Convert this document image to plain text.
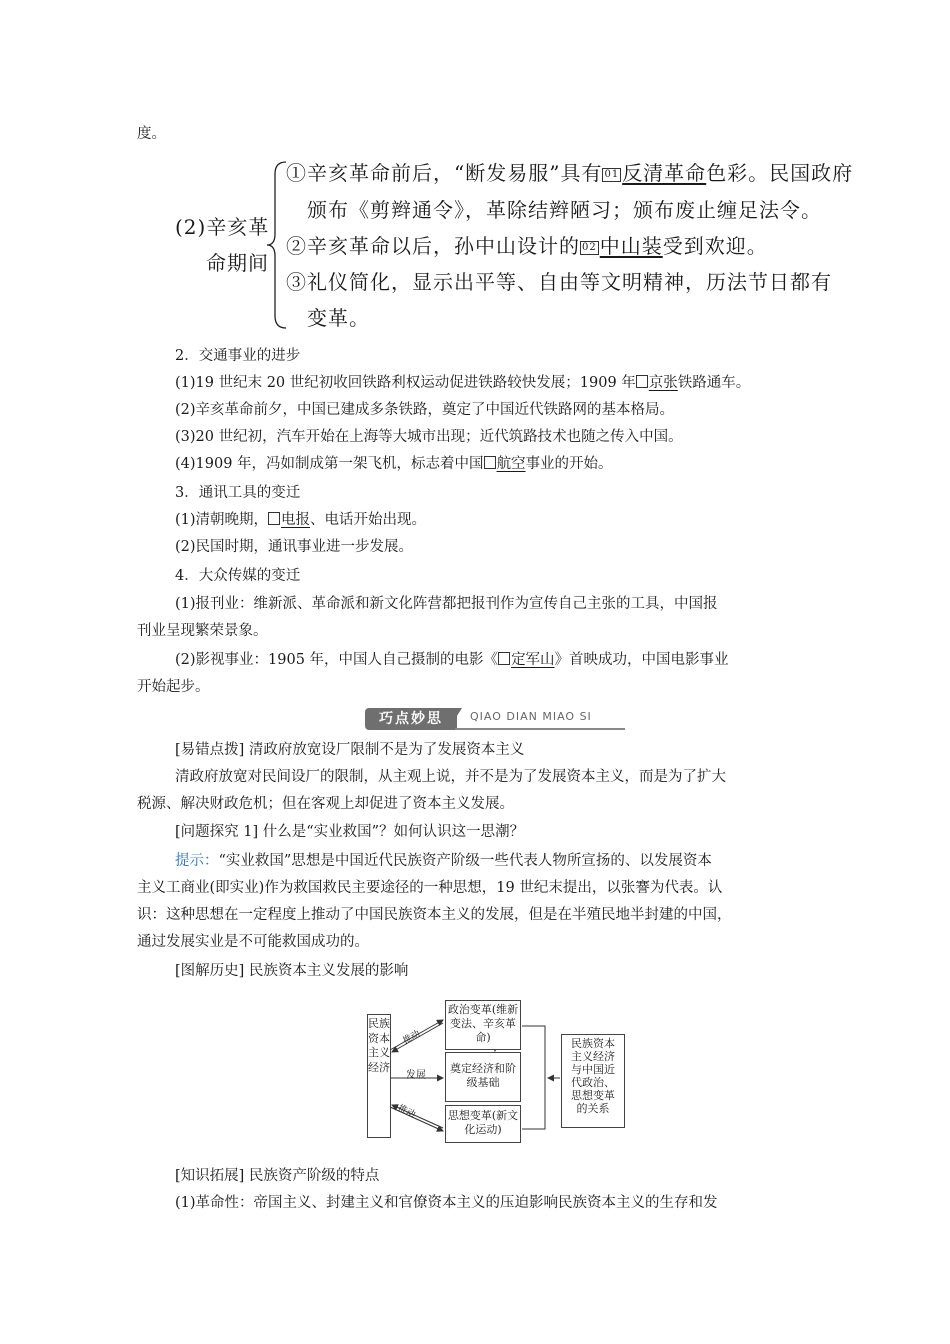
度。
(2)辛亥革
命期间
①辛亥革命前后，“断发易服”具有 01 反清革命色彩。民国政府
颁布《剪辫通令》，革除结辫陋习；颁布废止缠足法令。
②辛亥革命以后，孙中山设计的 02 中山装受到欢迎。
③礼仪简化，显示出平等、自由等文明精神，历法节日都有
变革。
2．交通事业的进步
(1)19 世纪末 20 世纪初收回铁路利权运动促进铁路较快发展；1909 年 京张铁路通车。
(2)辛亥革命前夕，中国已建成多条铁路，奠定了中国近代铁路网的基本格局。
(3)20 世纪初，汽车开始在上海等大城市出现；近代筑路技术也随之传入中国。
(4)1909 年，冯如制成第一架飞机，标志着中国 航空事业的开始。
3．通讯工具的变迁
(1)清朝晚期， 电报、电话开始出现。
(2)民国时期，通讯事业进一步发展。
4．大众传媒的变迁
(1)报刊业：维新派、革命派和新文化阵营都把报刊作为宣传自己主张的工具，中国报
刊业呈现繁荣景象。
(2)影视事业：1905 年，中国人自己摄制的电影《 定军山》首映成功，中国电影事业
开始起步。
巧点妙思	QIAO DIAN MIAO SI
[易错点拨] 清政府放宽设厂限制不是为了发展资本主义
清政府放宽对民间设厂的限制，从主观上说，并不是为了发展资本主义，而是为了扩大
税源、解决财政危机；但在客观上却促进了资本主义发展。
[问题探究 1] 什么是“实业救国”？如何认识这一思潮？
提示：“实业救国”思想是中国近代民族资产阶级一些代表人物所宣扬的、以发展资本
主义工商业(即实业)作为救国救民主要途径的一种思想，19 世纪末提出，以张謇为代表。认
识：这种思想在一定程度上推动了中国民族资本主义的发展，但是在半殖民地半封建的中国，
通过发展实业是不可能救国成功的。
[图解历史] 民族资本主义发展的影响
民族资本主义经济
政治变革(维新变法、辛亥革命)
奠定经济和阶级基础
思想变革(新文化运动)
民族资本主义经济与中国近代政治、思想变革的关系
推动
发展
推动
[知识拓展] 民族资产阶级的特点
(1)革命性：帝国主义、封建主义和官僚资本主义的压迫影响民族资本主义的生存和发
